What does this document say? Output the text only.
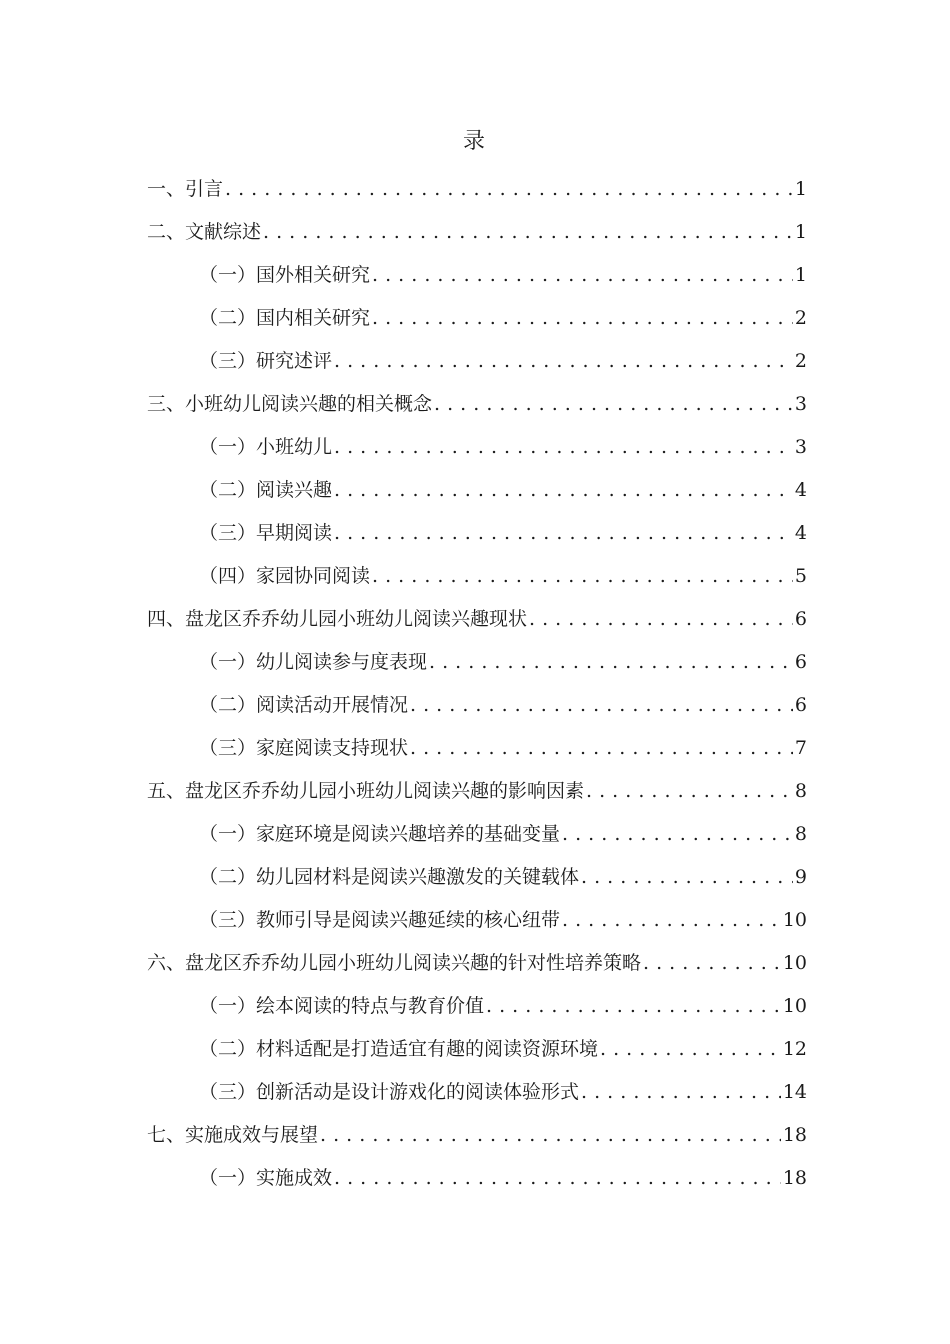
录
一、引言 . . .	1
二、文献综述 . . .	1
（一）国外相关研究 . . .	1
（二）国内相关研究 . . .	2
（三）研究述评 . . .	2
三、小班幼儿阅读兴趣的相关概念 . . .	3
（一）小班幼儿 . . .	3
（二）阅读兴趣 . . .	4
（三）早期阅读 . . .	4
（四）家园协同阅读 . . .	5
四、盘龙区乔乔幼儿园小班幼儿阅读兴趣现状 . . .	6
（一）幼儿阅读参与度表现 . . .	6
（二）阅读活动开展情况 . . .	6
（三）家庭阅读支持现状 . . .	7
五、盘龙区乔乔幼儿园小班幼儿阅读兴趣的影响因素 . . .	8
（一）家庭环境是阅读兴趣培养的基础变量 . . .	8
（二）幼儿园材料是阅读兴趣激发的关键载体 . . .	9
（三）教师引导是阅读兴趣延续的核心纽带 . . .	10
六、盘龙区乔乔幼儿园小班幼儿阅读兴趣的针对性培养策略 . . .	10
（一）绘本阅读的特点与教育价值 . . .	10
（二）材料适配是打造适宜有趣的阅读资源环境 . . .	12
（三）创新活动是设计游戏化的阅读体验形式 . . .	14
七、实施成效与展望 . . .	18
（一）实施成效 . . .	18
